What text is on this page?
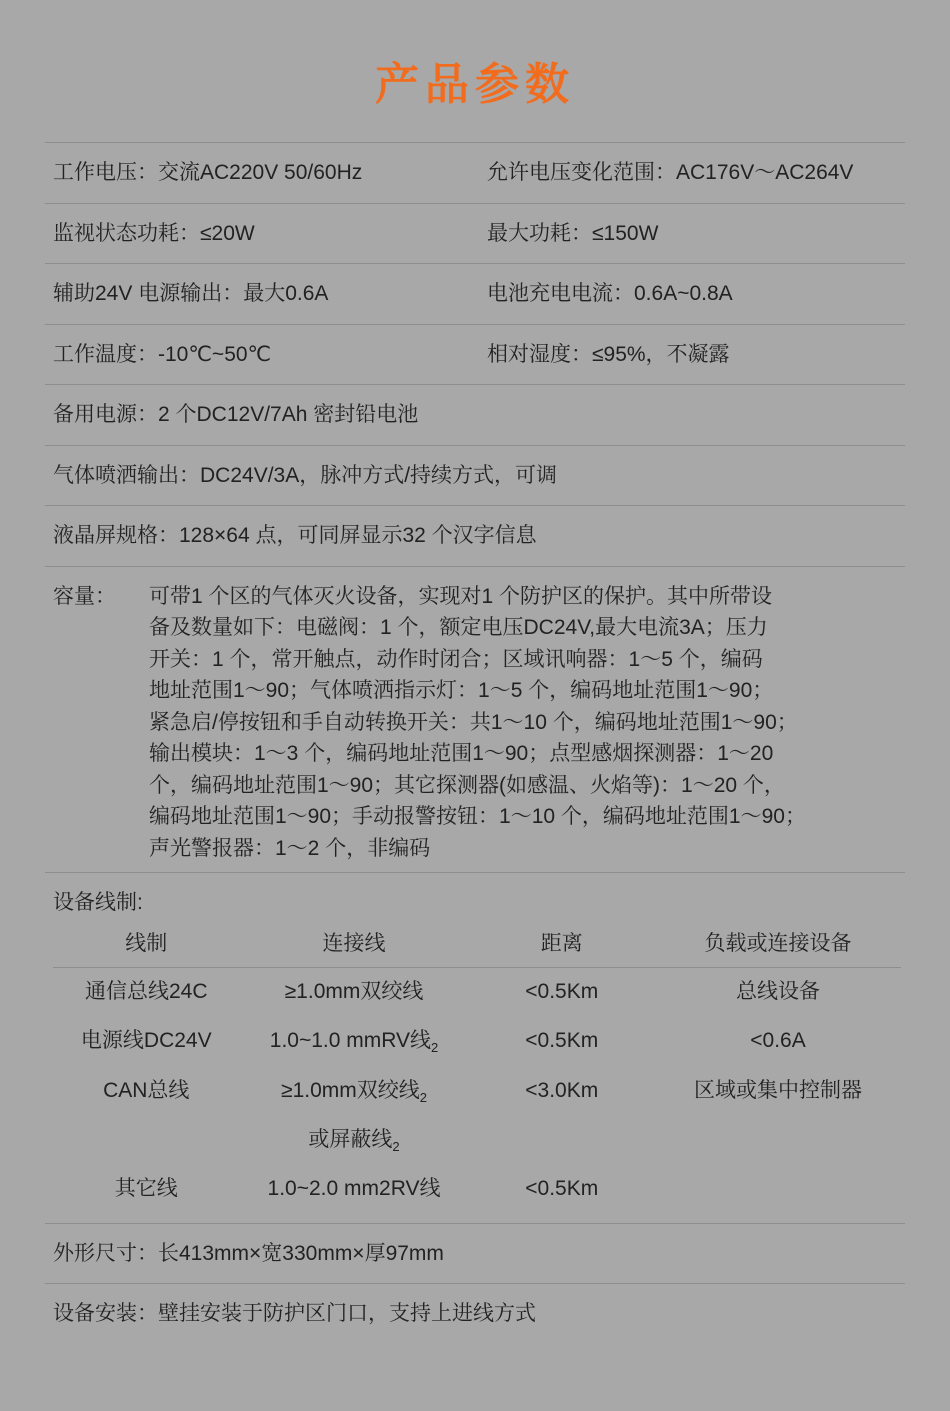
产品参数
工作电压：交流AC220V 50/60Hz	允许电压变化范围：AC176V～AC264V
监视状态功耗：≤20W	最大功耗：≤150W
辅助24V 电源输出：最大0.6A	电池充电电流：0.6A~0.8A
工作温度：-10℃~50℃	相对湿度：≤95%，不凝露
备用电源：2 个DC12V/7Ah 密封铅电池
气体喷洒输出：DC24V/3A，脉冲方式/持续方式，可调
液晶屏规格：128×64 点，可同屏显示32 个汉字信息

容量：	可带1 个区的气体灭火设备，实现对1 个防护区的保护。其中所带设
备及数量如下：电磁阀：1 个，额定电压DC24V,最大电流3A；压力
开关：1 个，常开触点，动作时闭合；区域讯响器：1～5 个，编码
地址范围1～90；气体喷洒指示灯：1～5 个，编码地址范围1～90；
紧急启/停按钮和手自动转换开关：共1～10 个，编码地址范围1～90；
输出模块：1～3 个，编码地址范围1～90；点型感烟探测器：1～20
个，编码地址范围1～90；其它探测器(如感温、火焰等)：1～20 个，
编码地址范围1～90；手动报警按钮：1～10 个，编码地址范围1～90；
声光警报器：1～2 个，非编码

设备线制:
线制	连接线	距离	负载或连接设备
通信总线24C	≥1.0mm双绞线	<0.5Km	总线设备
电源线DC24V	1.0~1.0 mmRV线$_2$	<0.5Km	<0.6A
CAN总线	≥1.0mm双绞线$_2$	<3.0Km	区域或集中控制器
	或屏蔽线$_2$		
其它线	1.0~2.0 mm2RV线	<0.5Km	

外形尺寸：长413mm×宽330mm×厚97mm
设备安装：壁挂安装于防护区门口，支持上进线方式
